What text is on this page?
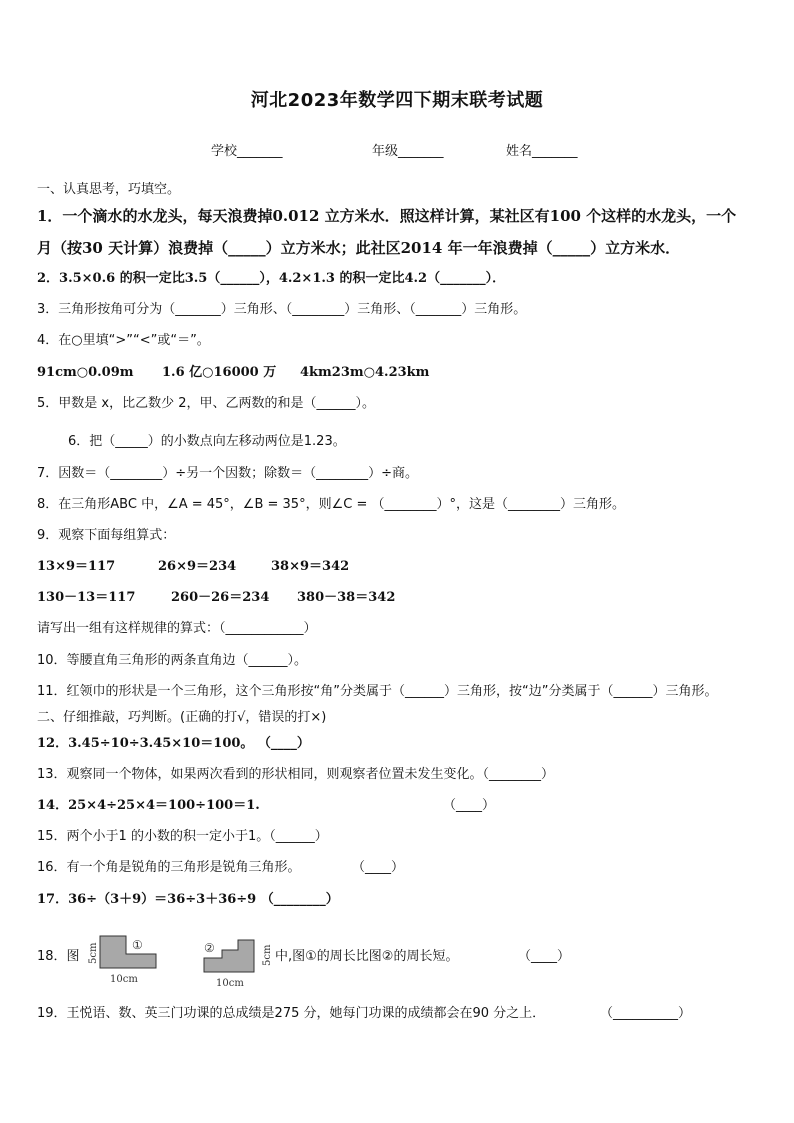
河北2023年数学四下期末联考试题
学校_______	年级_______	姓名_______
一、认真思考，巧填空。
1．一个滴水的水龙头，每天浪费掉0.012 立方米水．照这样计算，某社区有100 个这样的水龙头，一个
月（按30 天计算）浪费掉（_____）立方米水；此社区2014 年一年浪费掉（_____）立方米水．
2．3.5×0.6 的积一定比3.5（______），4.2×1.3 的积一定比4.2（_______）．
3．三角形按角可分为（_______）三角形、（________）三角形、（_______）三角形。
4．在○里填“>”“<”或“＝”。
91cm○0.09m 1.6 亿○16000 万 4km23m○4.23km
5．甲数是 x，比乙数少 2，甲、乙两数的和是（______）。
6．把（_____）的小数点向左移动两位是1.23。
7．因数＝（________）÷另一个因数；除数＝（________）÷商。
8．在三角形ABC 中，∠A = 45°，∠B = 35°，则∠C = （________）°，这是（________）三角形。
9．观察下面每组算式：
13×9＝117	26×9＝234	38×9＝342
130－13＝117	260－26＝234 380－38＝342
请写出一组有这样规律的算式：（____________）
10．等腰直角三角形的两条直角边（______）。
11．红领巾的形状是一个三角形，这个三角形按“角”分类属于（______）三角形，按“边”分类属于（______）三角形。
二、仔细推敲，巧判断。(正确的打√，错误的打×)
12．3.45÷10÷3.45×10＝100。 （____）
13．观察同一个物体，如果两次看到的形状相同，则观察者位置未发生变化。（________）
14．25×4÷25×4＝100÷100＝1.	（____）
15．两个小于1 的小数的积一定小于1。（______）
16．有一个角是锐角的三角形是锐角三角形。	（____）
17．36÷（3＋9）＝36÷3＋36÷9 （________）
18．图 5cm	①
10cm
②	5cm
10cm
中,图①的周长比图②的周长短。	（____）
19．王悦语、数、英三门功课的总成绩是275 分，她每门功课的成绩都会在90 分之上．	（__________）
